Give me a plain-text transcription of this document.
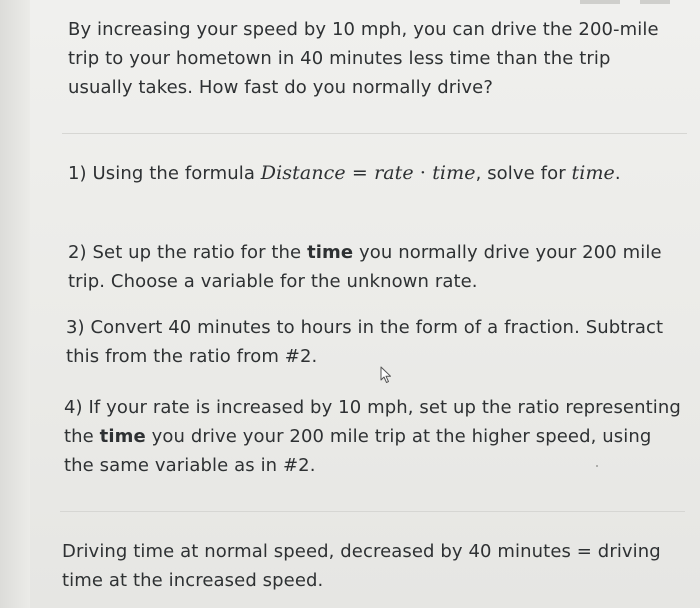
By increasing your speed by 10 mph, you can drive the 200-mile trip to your hometown in 40 minutes less time than the trip usually takes. How fast do you normally drive?
1) Using the formula Distance = rate · time, solve for time.
2) Set up the ratio for the time you normally drive your 200 mile trip. Choose a variable for the unknown rate.
3) Convert 40 minutes to hours in the form of a fraction. Subtract this from the ratio from #2.
4) If your rate is increased by 10 mph, set up the ratio representing the time you drive your 200 mile trip at the higher speed, using the same variable as in #2.
Driving time at normal speed, decreased by 40 minutes = driving time at the increased speed.
